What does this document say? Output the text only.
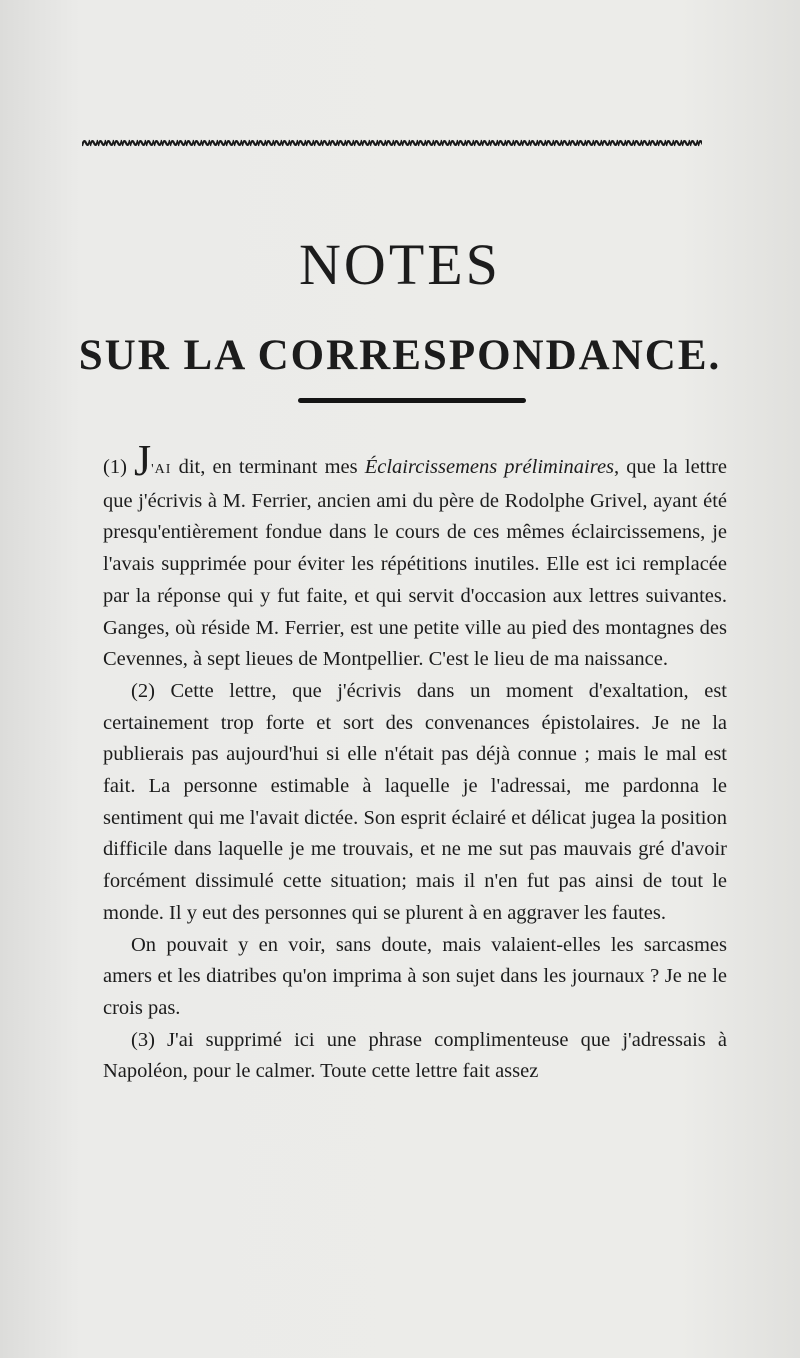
NOTES
SUR LA CORRESPONDANCE.

(1) J'AI dit, en terminant mes Éclaircissemens préliminaires, que la lettre que j'écrivis à M. Ferrier, ancien ami du père de Rodolphe Grivel, ayant été presqu'entièrement fondue dans le cours de ces mêmes éclaircissemens, je l'avais supprimée pour éviter les répétitions inutiles. Elle est ici remplacée par la réponse qui y fut faite, et qui servit d'occasion aux lettres suivantes. Ganges, où réside M. Ferrier, est une petite ville au pied des montagnes des Cevennes, à sept lieues de Montpellier. C'est le lieu de ma naissance.

(2) Cette lettre, que j'écrivis dans un moment d'exaltation, est certainement trop forte et sort des convenances épistolaires. Je ne la publierais pas aujourd'hui si elle n'était pas déjà connue ; mais le mal est fait. La personne estimable à laquelle je l'adressai, me pardonna le sentiment qui me l'avait dictée. Son esprit éclairé et délicat jugea la position difficile dans laquelle je me trouvais, et ne me sut pas mauvais gré d'avoir forcément dissimulé cette situation; mais il n'en fut pas ainsi de tout le monde. Il y eut des personnes qui se plurent à en aggraver les fautes.

On pouvait y en voir, sans doute, mais valaient-elles les sarcasmes amers et les diatribes qu'on imprima à son sujet dans les journaux ? Je ne le crois pas.

(3) J'ai supprimé ici une phrase complimenteuse que j'adressais à Napoléon, pour le calmer. Toute cette lettre fait assez
